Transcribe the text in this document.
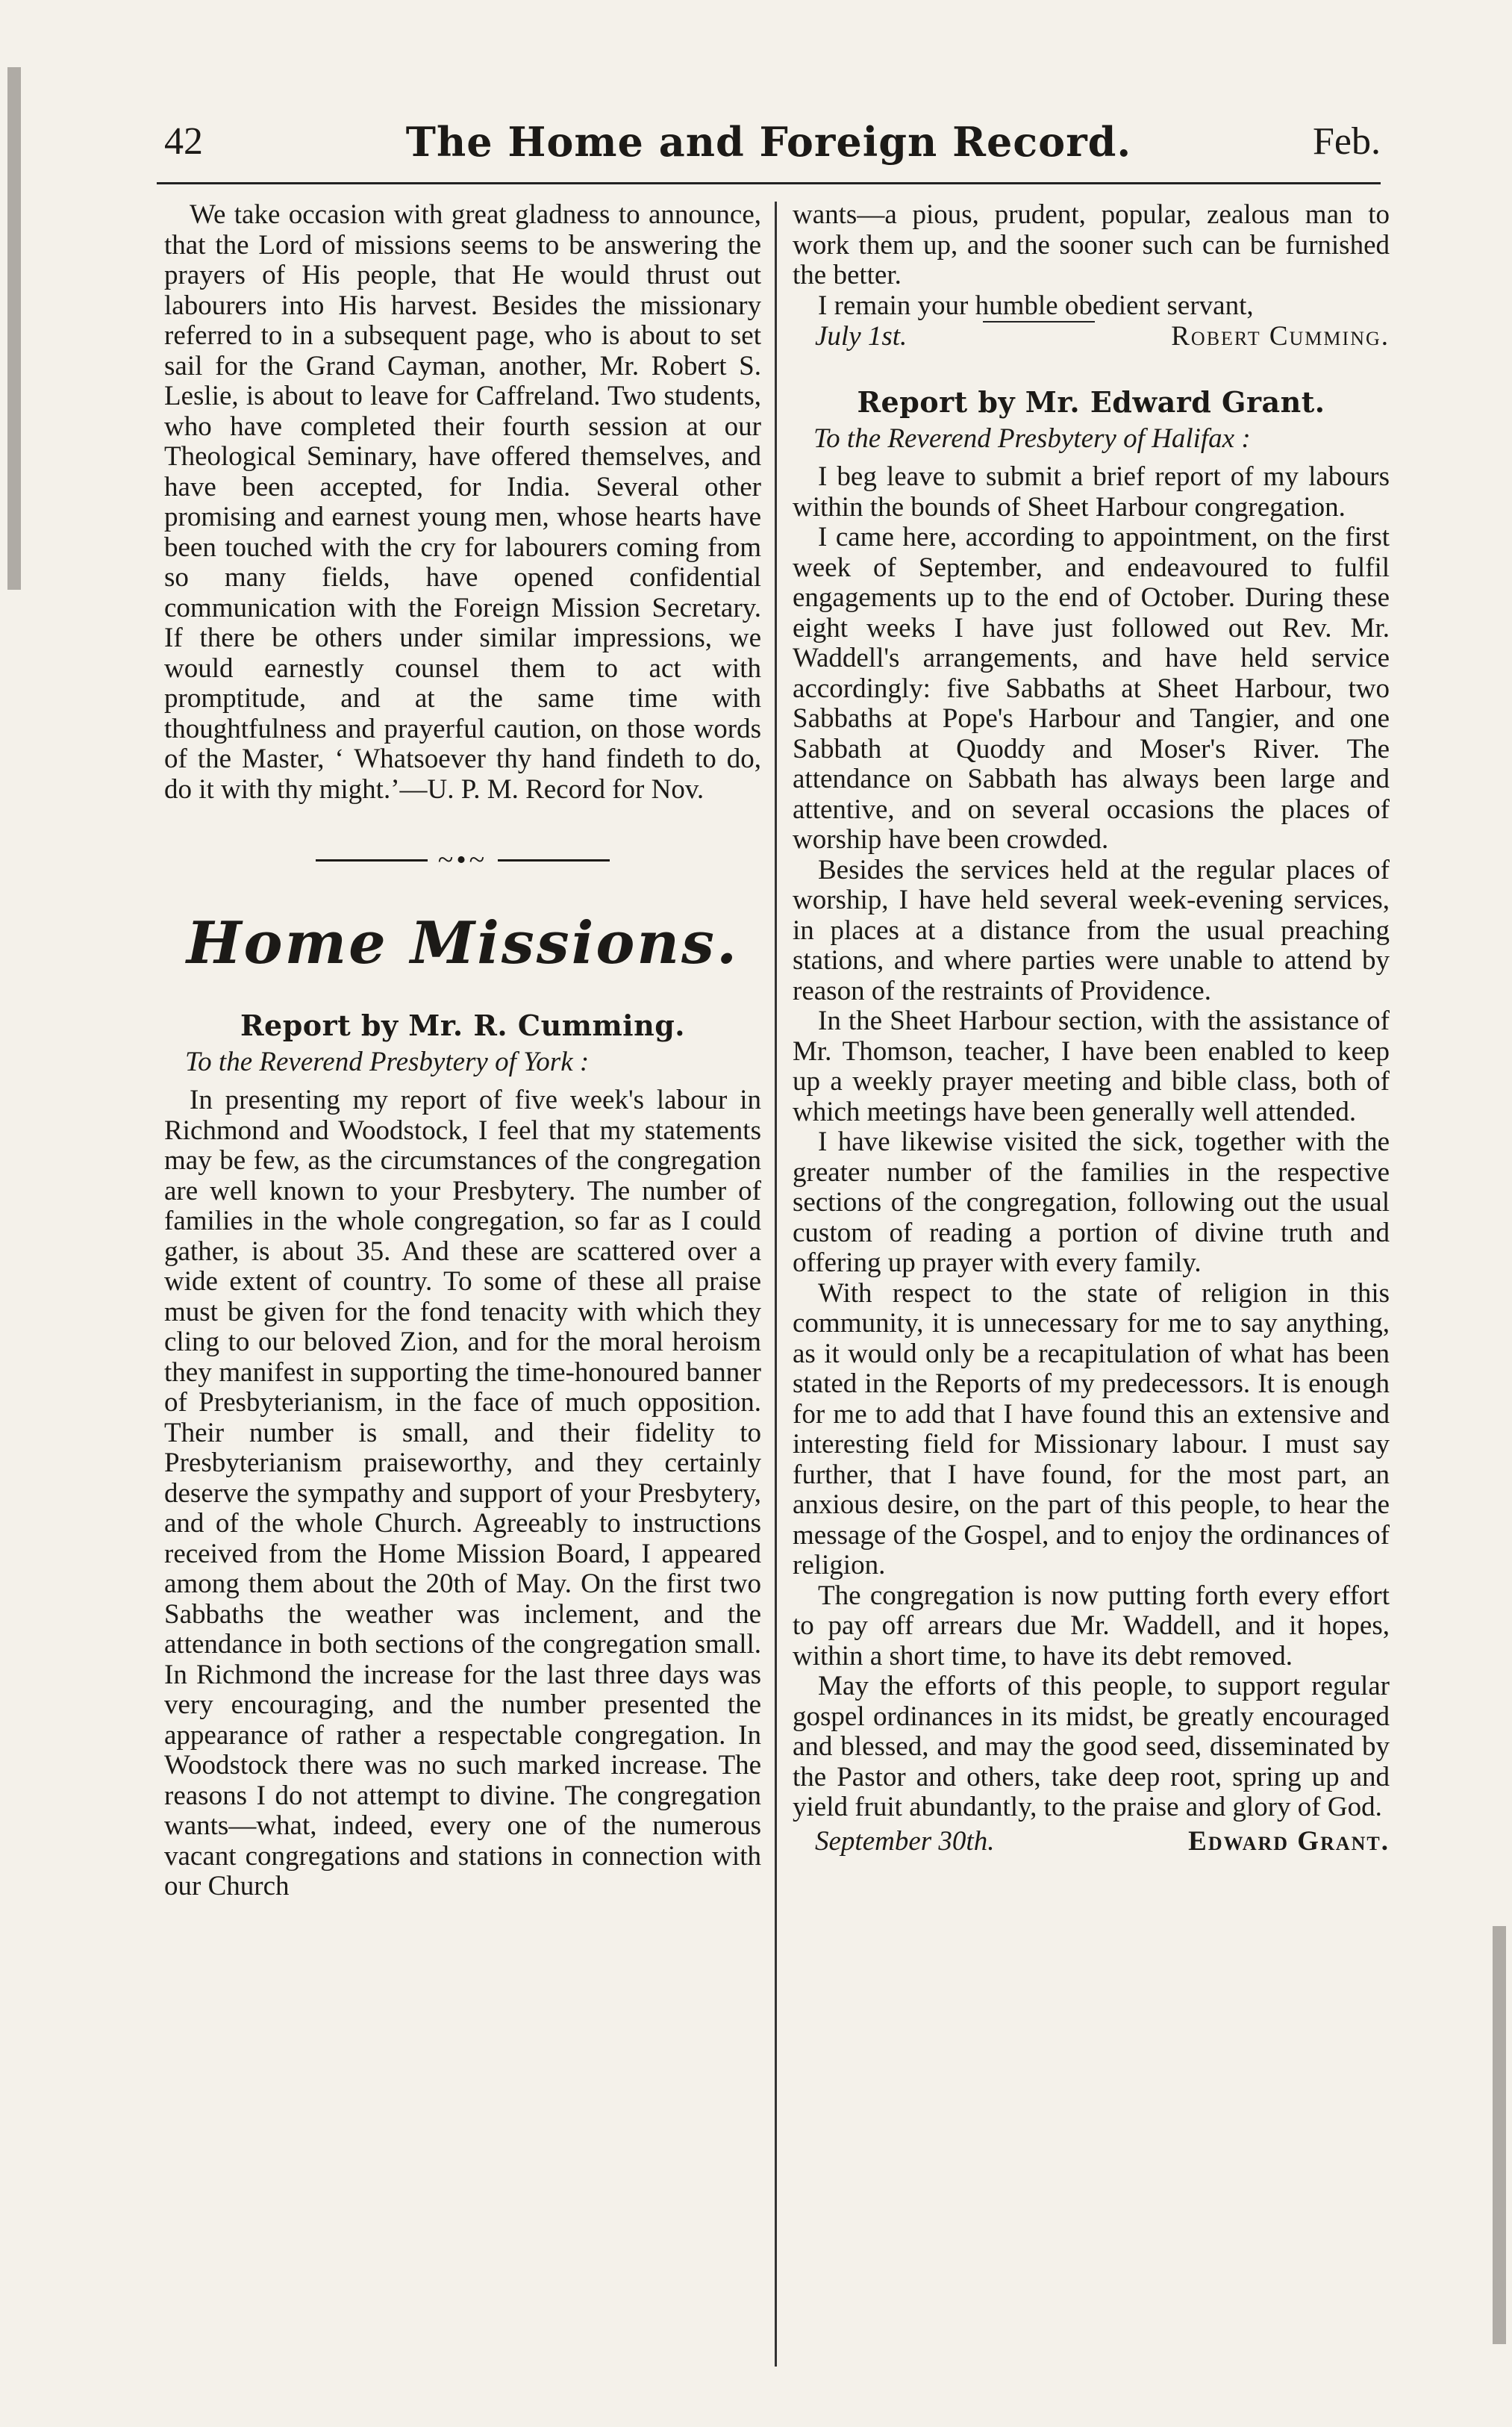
42	The Home and Foreign Record.	Feb.

We take occasion with great gladness to announce, that the Lord of missions seems to be answering the prayers of His people, that He would thrust out labourers into His harvest. Besides the missionary referred to in a subsequent page, who is about to set sail for the Grand Cayman, another, Mr. Robert S. Leslie, is about to leave for Caffreland. Two students, who have completed their fourth session at our Theological Seminary, have offered themselves, and have been accepted, for India. Several other promising and earnest young men, whose hearts have been touched with the cry for labourers coming from so many fields, have opened confidential communication with the Foreign Mission Secretary. If there be others under similar impressions, we would earnestly counsel them to act with promptitude, and at the same time with thoughtfulness and prayerful caution, on those words of the Master, ‘ Whatsoever thy hand findeth to do, do it with thy might.’—U. P. M. Record for Nov.

~•~
Home Missions.
Report by Mr. R. Cumming.

To the Reverend Presbytery of York :

In presenting my report of five week's labour in Richmond and Woodstock, I feel that my statements may be few, as the circumstances of the congregation are well known to your Presbytery. The number of families in the whole congregation, so far as I could gather, is about 35. And these are scattered over a wide extent of country. To some of these all praise must be given for the fond tenacity with which they cling to our beloved Zion, and for the moral heroism they manifest in supporting the time-honoured banner of Presbyterianism, in the face of much opposition. Their number is small, and their fidelity to Presbyterianism praiseworthy, and they certainly deserve the sympathy and support of your Presbytery, and of the whole Church. Agreeably to instructions received from the Home Mission Board, I appeared among them about the 20th of May. On the first two Sabbaths the weather was inclement, and the attendance in both sections of the congregation small. In Richmond the increase for the last three days was very encouraging, and the number presented the appearance of rather a respectable congregation. In Woodstock there was no such marked increase. The reasons I do not attempt to divine. The congregation wants—what, indeed, every one of the numerous vacant congregations and stations in connection with our Church

wants—a pious, prudent, popular, zealous man to work them up, and the sooner such can be furnished the better.

I remain your humble obedient servant,

July 1st.	Robert Cumming.
Report by Mr. Edward Grant.

To the Reverend Presbytery of Halifax :

I beg leave to submit a brief report of my labours within the bounds of Sheet Harbour congregation.

I came here, according to appointment, on the first week of September, and endeavoured to fulfil engagements up to the end of October. During these eight weeks I have just followed out Rev. Mr. Waddell's arrangements, and have held service accordingly: five Sabbaths at Sheet Harbour, two Sabbaths at Pope's Harbour and Tangier, and one Sabbath at Quoddy and Moser's River. The attendance on Sabbath has always been large and attentive, and on several occasions the places of worship have been crowded.

Besides the services held at the regular places of worship, I have held several week-evening services, in places at a distance from the usual preaching stations, and where parties were unable to attend by reason of the restraints of Providence.

In the Sheet Harbour section, with the assistance of Mr. Thomson, teacher, I have been enabled to keep up a weekly prayer meeting and bible class, both of which meetings have been generally well attended.

I have likewise visited the sick, together with the greater number of the families in the respective sections of the congregation, following out the usual custom of reading a portion of divine truth and offering up prayer with every family.

With respect to the state of religion in this community, it is unnecessary for me to say anything, as it would only be a recapitulation of what has been stated in the Reports of my predecessors. It is enough for me to add that I have found this an extensive and interesting field for Missionary labour. I must say further, that I have found, for the most part, an anxious desire, on the part of this people, to hear the message of the Gospel, and to enjoy the ordinances of religion.

The congregation is now putting forth every effort to pay off arrears due Mr. Waddell, and it hopes, within a short time, to have its debt removed.

May the efforts of this people, to support regular gospel ordinances in its midst, be greatly encouraged and blessed, and may the good seed, disseminated by the Pastor and others, take deep root, spring up and yield fruit abundantly, to the praise and glory of God.

September 30th.	Edward Grant.
